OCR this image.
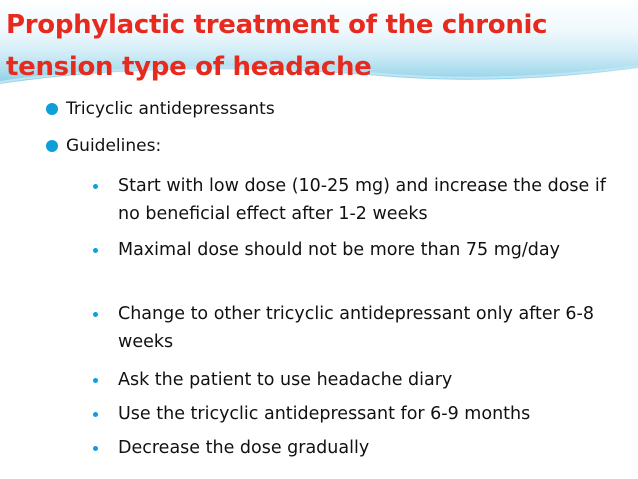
Prophylactic treatment of the chronic tension type of headache
Tricyclic antidepressants
Guidelines:
Start with low dose (10-25 mg) and increase the dose if no beneficial effect after 1-2 weeks
Maximal dose should not be more than 75 mg/day
Change to other tricyclic antidepressant only after 6-8 weeks
Ask the patient to use headache diary
Use the tricyclic antidepressant for 6-9 months
Decrease the dose gradually
